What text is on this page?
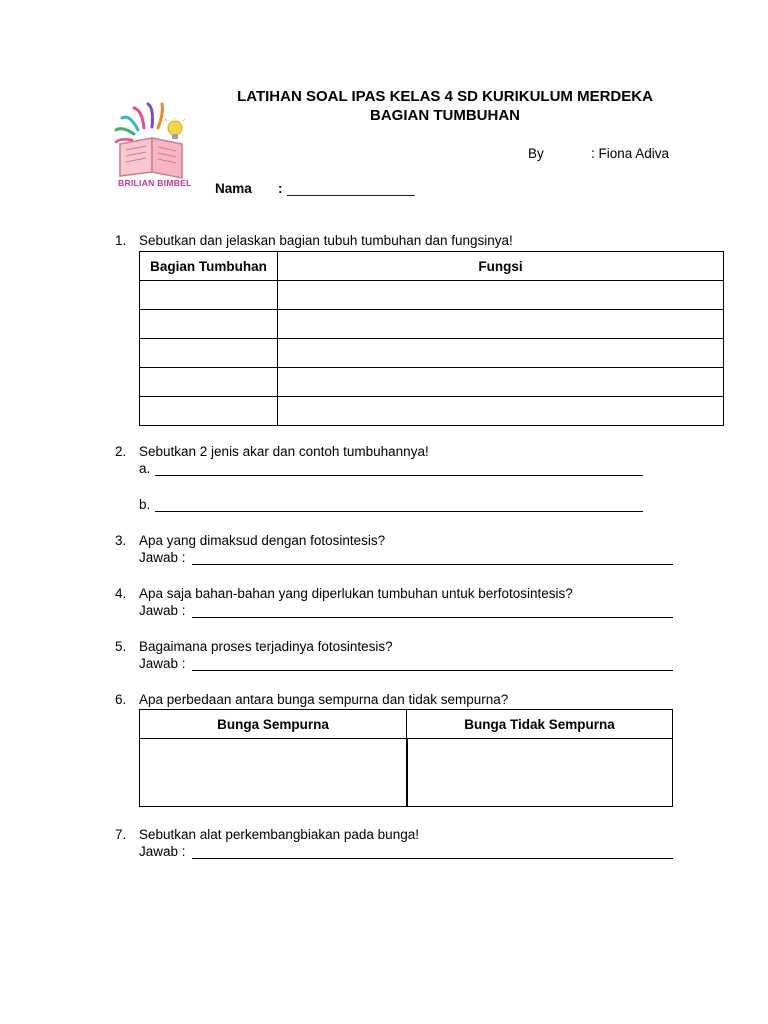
LATIHAN SOAL IPAS KELAS 4 SD KURIKULUM MERDEKA
BAGIAN TUMBUHAN
BRILIAN BIMBEL
By	: Fiona Adiva
Nama : _________________
1. Sebutkan dan jelaskan bagian tubuh tumbuhan dan fungsinya!
Bagian Tumbuhan	Fungsi

2. Sebutkan 2 jenis akar dan contoh tumbuhannya!
a.
b.
3. Apa yang dimaksud dengan fotosintesis?
Jawab :
4. Apa saja bahan-bahan yang diperlukan tumbuhan untuk berfotosintesis?
Jawab :
5. Bagaimana proses terjadinya fotosintesis?
Jawab :
6. Apa perbedaan antara bunga sempurna dan tidak sempurna?
Bunga Sempurna	Bunga Tidak Sempurna

7. Sebutkan alat perkembangbiakan pada bunga!
Jawab :
